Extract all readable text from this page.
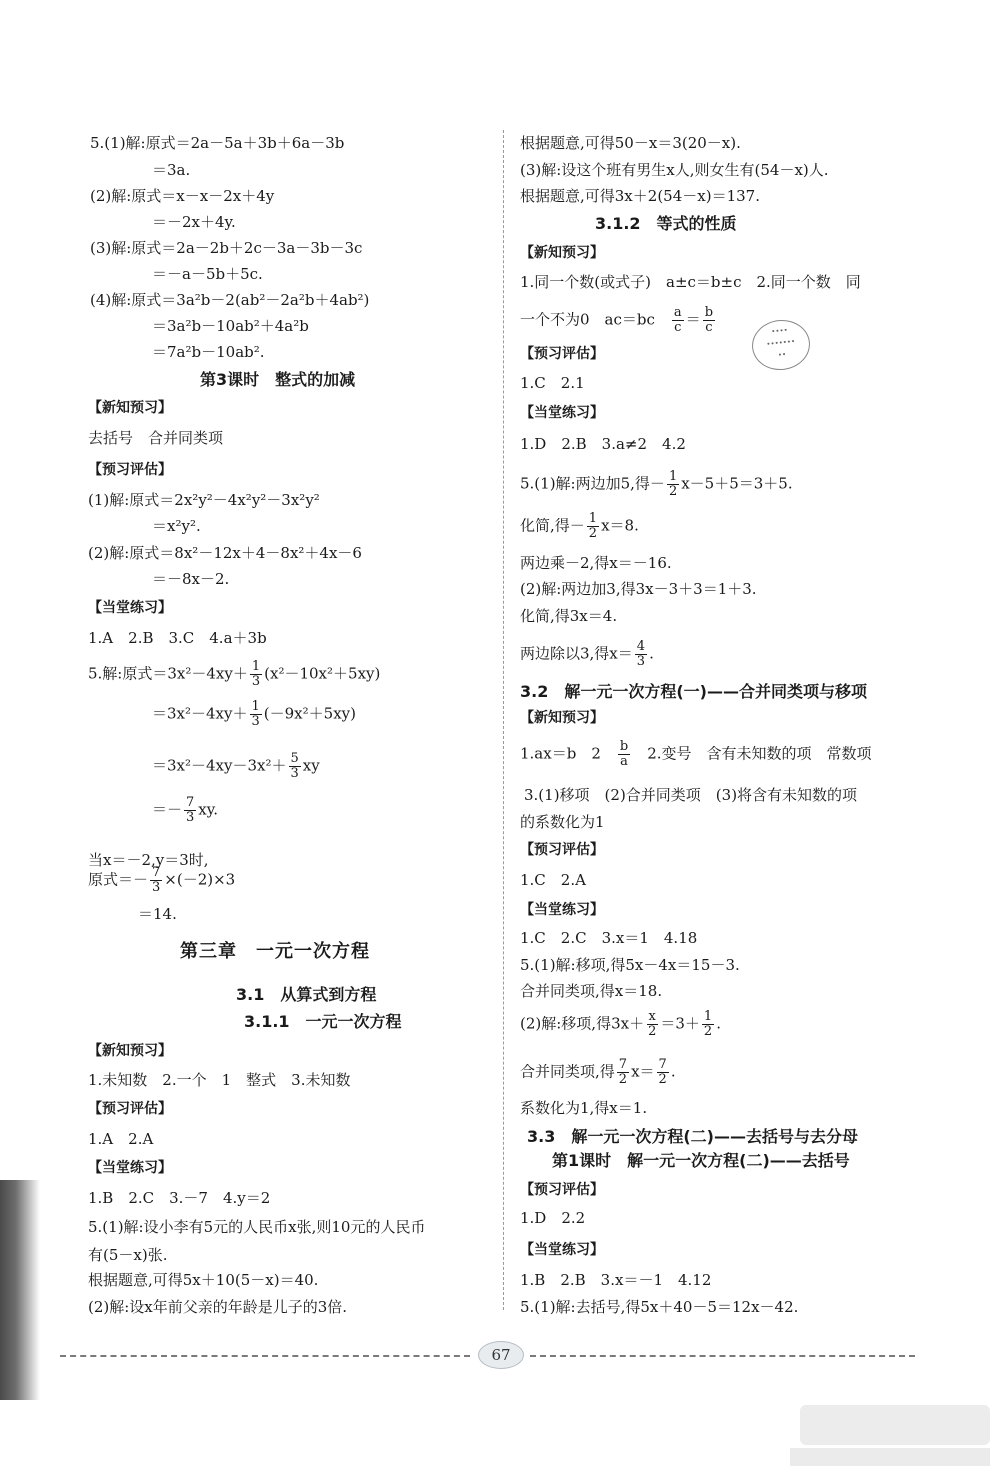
5.(1)解:原式＝2a－5a＋3b＋6a－3b
＝3a.
(2)解:原式＝x－x－2x＋4y
＝－2x＋4y.
(3)解:原式＝2a－2b＋2c－3a－3b－3c
＝－a－5b＋5c.
(4)解:原式＝3a²b－2(ab²－2a²b＋4ab²)
＝3a²b－10ab²＋4a²b
＝7a²b－10ab².
第3课时　整式的加减
【新知预习】
去括号　合并同类项
【预习评估】
(1)解:原式＝2x²y²－4x²y²－3x²y²
＝x²y².
(2)解:原式＝8x²－12x＋4－8x²＋4x－6
＝－8x－2.
【当堂练习】
1.A　2.B　3.C　4.a＋3b
5.解:原式$=3x^2-4xy+ \frac{1}{3} (x^2-10x^2+5xy)$
$=3x^2-4xy+ \frac{1}{3} (-9x^2+5xy)$
$=3x^2-4xy-3x^2+ \frac{5}{3}$ xy
＝－ $\frac{7}{3}$ xy.
当x＝－2,y＝3时,
原式＝－ $\frac{7}{3} \times(-2)\times 3$
＝14.
第三章　一元一次方程
3.1　从算式到方程
3.1.1　一元一次方程
【新知预习】
1.未知数　2.一个　1　整式　3.未知数
【预习评估】
1.A　2.A
【当堂练习】
1.B　2.C　3.－7　4.y＝2
5.(1)解:设小李有5元的人民币x张,则10元的人民币
有(5－x)张.
根据题意,可得5x＋10(5－x)＝40.
(2)解:设x年前父亲的年龄是儿子的3倍.
根据题意,可得50－x＝3(20－x).
(3)解:设这个班有男生x人,则女生有(54－x)人.
根据题意,可得3x＋2(54－x)＝137.
3.1.2　等式的性质
【新知预习】
1.同一个数(或式子)　a±c＝b±c　2.同一个数　同
一个不为0　ac＝bc　 $\frac{a}{c} = \frac{b}{c}$
【预习评估】
1.C　2.1
【当堂练习】
1.D　2.B　3.a≠2　4.2
5.(1)解:两边加5,得－ $\frac{1}{2} x-5+5=3+5$.
化简,得－ $\frac{1}{2} x=8$.
两边乘－2,得x＝－16.
(2)解:两边加3,得3x－3＋3＝1＋3.
化简,得3x＝4.
两边除以3,得$x= \frac{4}{3}$ .
3.2　解一元一次方程(一)——合并同类项与移项
【新知预习】
1.ax＝b　2　 $\frac{b}{a}$ 　2.变号　含有未知数的项　常数项
3.(1)移项　(2)合并同类项　(3)将含有未知数的项
的系数化为1
【预习评估】
1.C　2.A
【当堂练习】
1.C　2.C　3.x＝1　4.18
5.(1)解:移项,得5x－4x＝15－3.
合并同类项,得x＝18.
(2)解:移项,得$3x+ \frac{x}{2} =3+ \frac{1}{2}$ .
合并同类项,得 $\frac{7}{2} x= \frac{7}{2}$ .
系数化为1,得x＝1.
3.3　解一元一次方程(二)——去括号与去分母
第1课时　解一元一次方程(二)——去括号
【预习评估】
1.D　2.2
【当堂练习】
1.B　2.B　3.x＝－1　4.12
5.(1)解:去括号,得5x＋40－5＝12x－42.
••••
•••••••
••
67
